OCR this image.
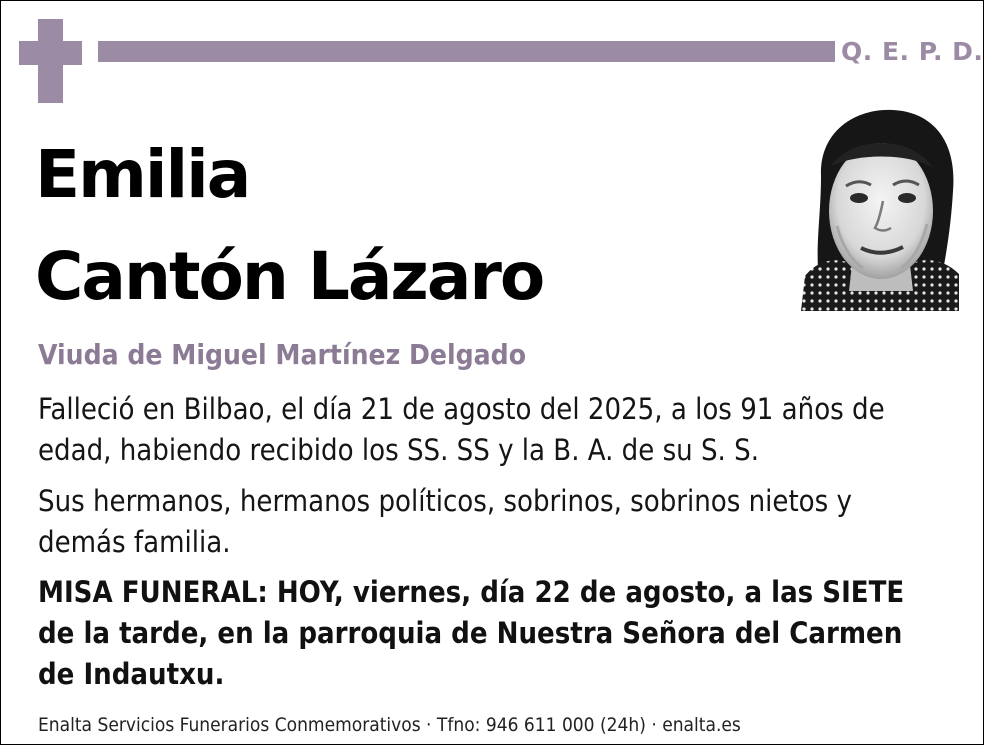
Q. E. P. D.
Emilia
Cantón Lázaro
Viuda de Miguel Martínez Delgado
Falleció en Bilbao, el día 21 de agosto del 2025, a los 91 años de edad, habiendo recibido los SS. SS y la B. A. de su S. S.
Sus hermanos, hermanos políticos, sobrinos, sobrinos nietos y demás familia.
MISA FUNERAL: HOY, viernes, día 22 de agosto, a las SIETE de la tarde, en la parroquia de Nuestra Señora del Carmen de Indautxu.
Enalta Servicios Funerarios Conmemorativos · Tfno: 946 611 000 (24h) · enalta.es
